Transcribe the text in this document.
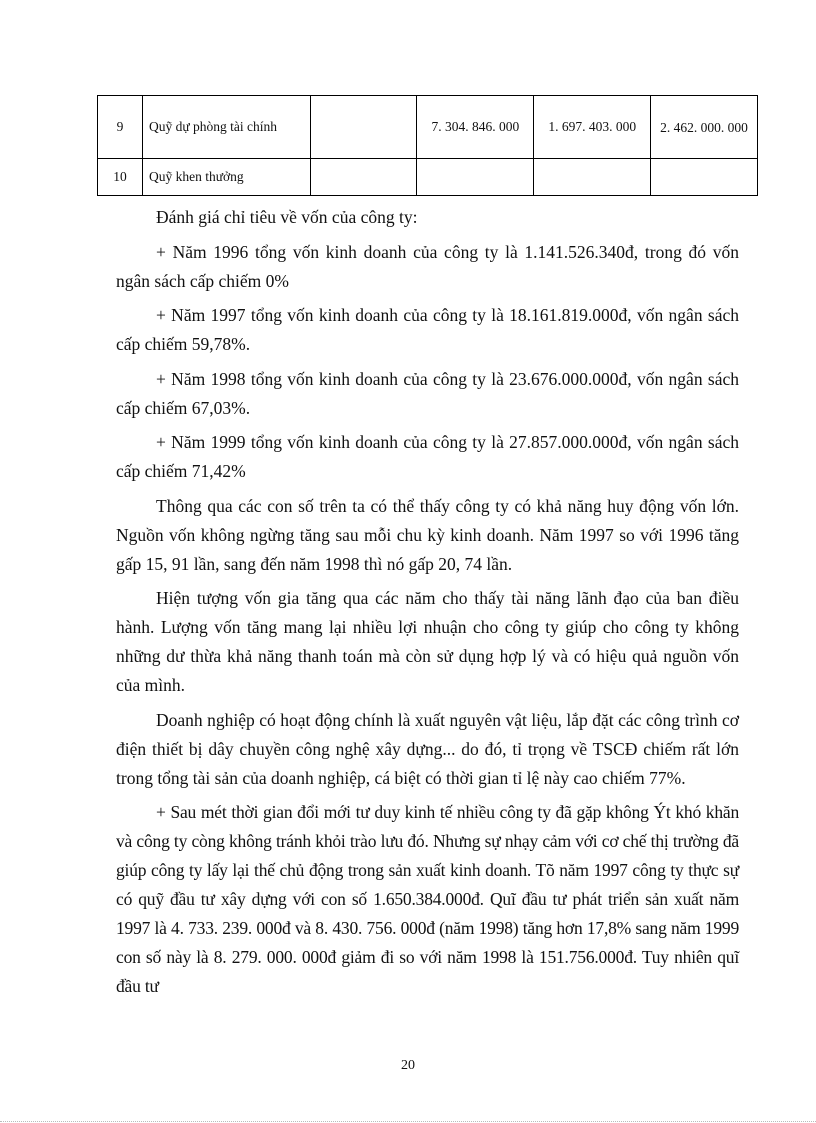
9	Quỹ dự phòng tài chính		7. 304. 846. 000	1. 697. 403. 000	2. 462. 000. 000
10	Quỹ khen thưởng				

Đánh giá chỉ tiêu về vốn của công ty:

+ Năm 1996 tổng vốn kinh doanh của công ty là 1.141.526.340đ, trong đó vốn ngân sách cấp chiếm 0%

+ Năm 1997 tổng vốn kinh doanh của công ty là 18.161.819.000đ, vốn ngân sách cấp chiếm 59,78%.

+ Năm 1998 tổng vốn kinh doanh của công ty là 23.676.000.000đ, vốn ngân sách cấp chiếm 67,03%.

+ Năm 1999 tổng vốn kinh doanh của công ty là 27.857.000.000đ, vốn ngân sách cấp chiếm 71,42%

Thông qua các con số trên ta có thể thấy công ty có khả năng huy động vốn lớn. Nguồn vốn không ngừng tăng sau mỗi chu kỳ kinh doanh. Năm 1997 so với 1996 tăng gấp 15, 91 lần, sang đến năm 1998 thì nó gấp 20, 74 lần.

Hiện tượng vốn gia tăng qua các năm cho thấy tài năng lãnh đạo của ban điều hành. Lượng vốn tăng mang lại nhiều lợi nhuận cho công ty giúp cho công ty không những dư thừa khả năng thanh toán mà còn sử dụng hợp lý và có hiệu quả nguồn vốn của mình.

Doanh nghiệp có hoạt động chính là xuất nguyên vật liệu, lắp đặt các công trình cơ điện thiết bị dây chuyền công nghệ xây dựng... do đó, tỉ trọng về TSCĐ chiếm rất lớn trong tổng tài sản của doanh nghiệp, cá biệt có thời gian tỉ lệ này cao chiếm 77%.

+ Sau mét thời gian đổi mới tư duy kinh tế nhiều công ty đã gặp không Ýt khó khăn và công ty còng không tránh khỏi trào lưu đó. Nhưng sự nhạy cảm với cơ chế thị trường đã giúp công ty lấy lại thế chủ động trong sản xuất kinh doanh. Tõ năm 1997 công ty thực sự có quỹ đầu tư xây dựng với con số 1.650.384.000đ. Quĩ đầu tư phát triển sản xuất năm 1997 là 4. 733. 239. 000đ và 8. 430. 756. 000đ (năm 1998) tăng hơn 17,8% sang năm 1999 con số này là 8. 279. 000. 000đ giảm đi so với năm 1998 là 151.756.000đ. Tuy nhiên quĩ đầu tư

20
